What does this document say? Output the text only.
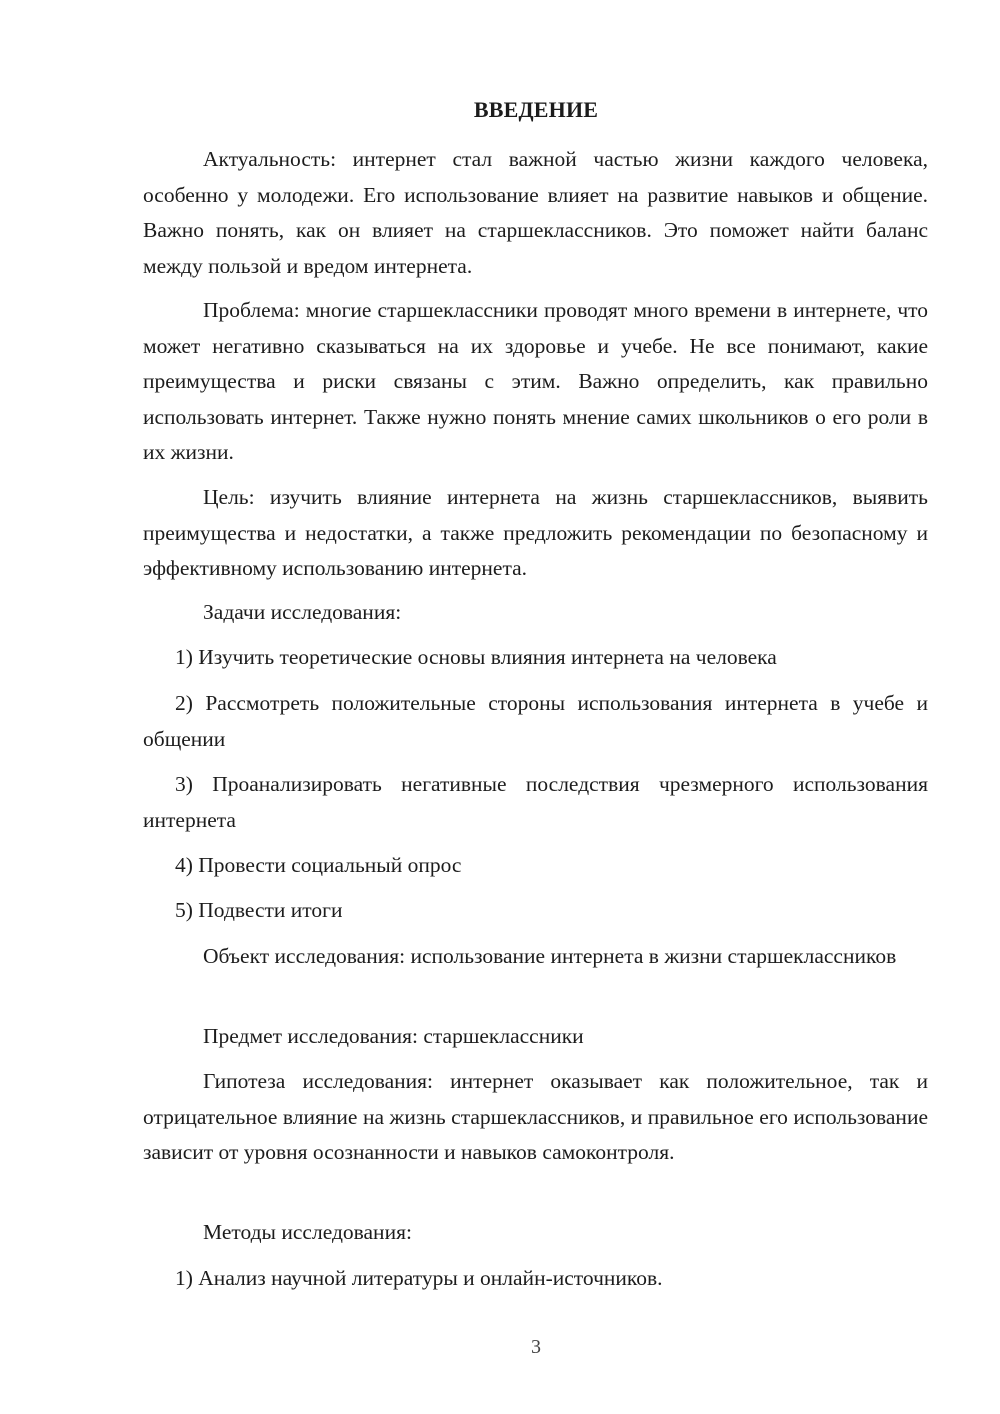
ВВЕДЕНИЕ

Актуальность: интернет стал важной частью жизни каждого человека, особенно у молодежи. Его использование влияет на развитие навыков и общение. Важно понять, как он влияет на старшеклассников. Это поможет найти баланс между пользой и вредом интернета.

Проблема: многие старшеклассники проводят много времени в интернете, что может негативно сказываться на их здоровье и учебе. Не все понимают, какие преимущества и риски связаны с этим. Важно определить, как правильно использовать интернет. Также нужно понять мнение самих школьников о его роли в их жизни.

Цель: изучить влияние интернета на жизнь старшеклассников, выявить преимущества и недостатки, а также предложить рекомендации по безопасному и эффективному использованию интернета.

Задачи исследования:

1) Изучить теоретические основы влияния интернета на человека

2) Рассмотреть положительные стороны использования интернета в учебе и общении

3) Проанализировать негативные последствия чрезмерного использования интернета

4) Провести социальный опрос

5) Подвести итоги

Объект исследования: использование интернета в жизни старшеклассников

Предмет исследования: старшеклассники

Гипотеза исследования: интернет оказывает как положительное, так и отрицательное влияние на жизнь старшеклассников, и правильное его использование зависит от уровня осознанности и навыков самоконтроля.

Методы исследования:

1) Анализ научной литературы и онлайн-источников.

3
